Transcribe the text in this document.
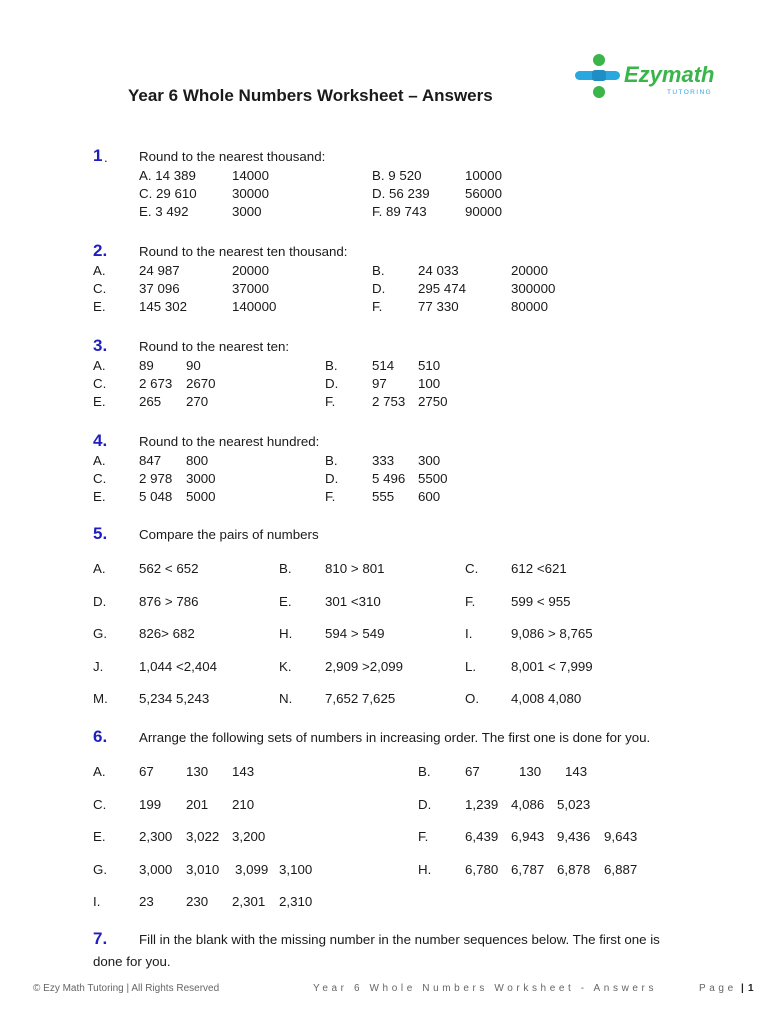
Ezymath
TUTORING
Year 6 Whole Numbers Worksheet – Answers
1 . Round to the nearest thousand:
A. 14 389	14000	B. 9 520	10000
C. 29 610	30000	D. 56 239	56000
E. 3 492	3000	F. 89 743	90000
2. Round to the nearest ten thousand:
A.	24 987	20000	B.	24 033	20000
C. 37 096	37000	D. 295 474	300000
E.	145 302	140000	F.	77 330	80000
3. Round to the nearest ten:
A.	89 90	B.	514 510
C. 2 673 2670	D.	97 100
E.	265 270	F.	2 753 2750
4. Round to the nearest hundred:
A.	847 800	B.	333 300
C. 2 978 3000	D.	5 496 5500
E.	5 048 5000	F.	555 600
5. Compare the pairs of numbers
A.	562 < 652	B.	810 > 801	C. 612 <621
D. 876 > 786	E.	301 <310	F.	599 < 955
G. 826> 682	H. 594 > 549	I.	9,086 > 8,765
J.	1,044 <2,404	K.	2,909 >2,099	L.	8,001 < 7,999
M. 5,234 5,243	N. 7,652 7,625	O. 4,008 4,080
6. Arrange the following sets of numbers in increasing order. The first one is done for you.
A.	67 130 143	B.	67	130 143
C. 199 201 210	D.	1,239 4,086 5,023
E.	2,300 3,022 3,200	F.	6,439 6,943 9,436 9,643
G. 3,000 3,010 3,099 3,100	H.	6,780 6,787 6,878 6,887
I.	23 230 2,301 2,310
7. Fill in the blank with the missing number in the number sequences below. The first one is
done for you.
© Ezy Math Tutoring | All Rights Reserved	Year 6 Whole Numbers Worksheet - Answers	Page | 1
